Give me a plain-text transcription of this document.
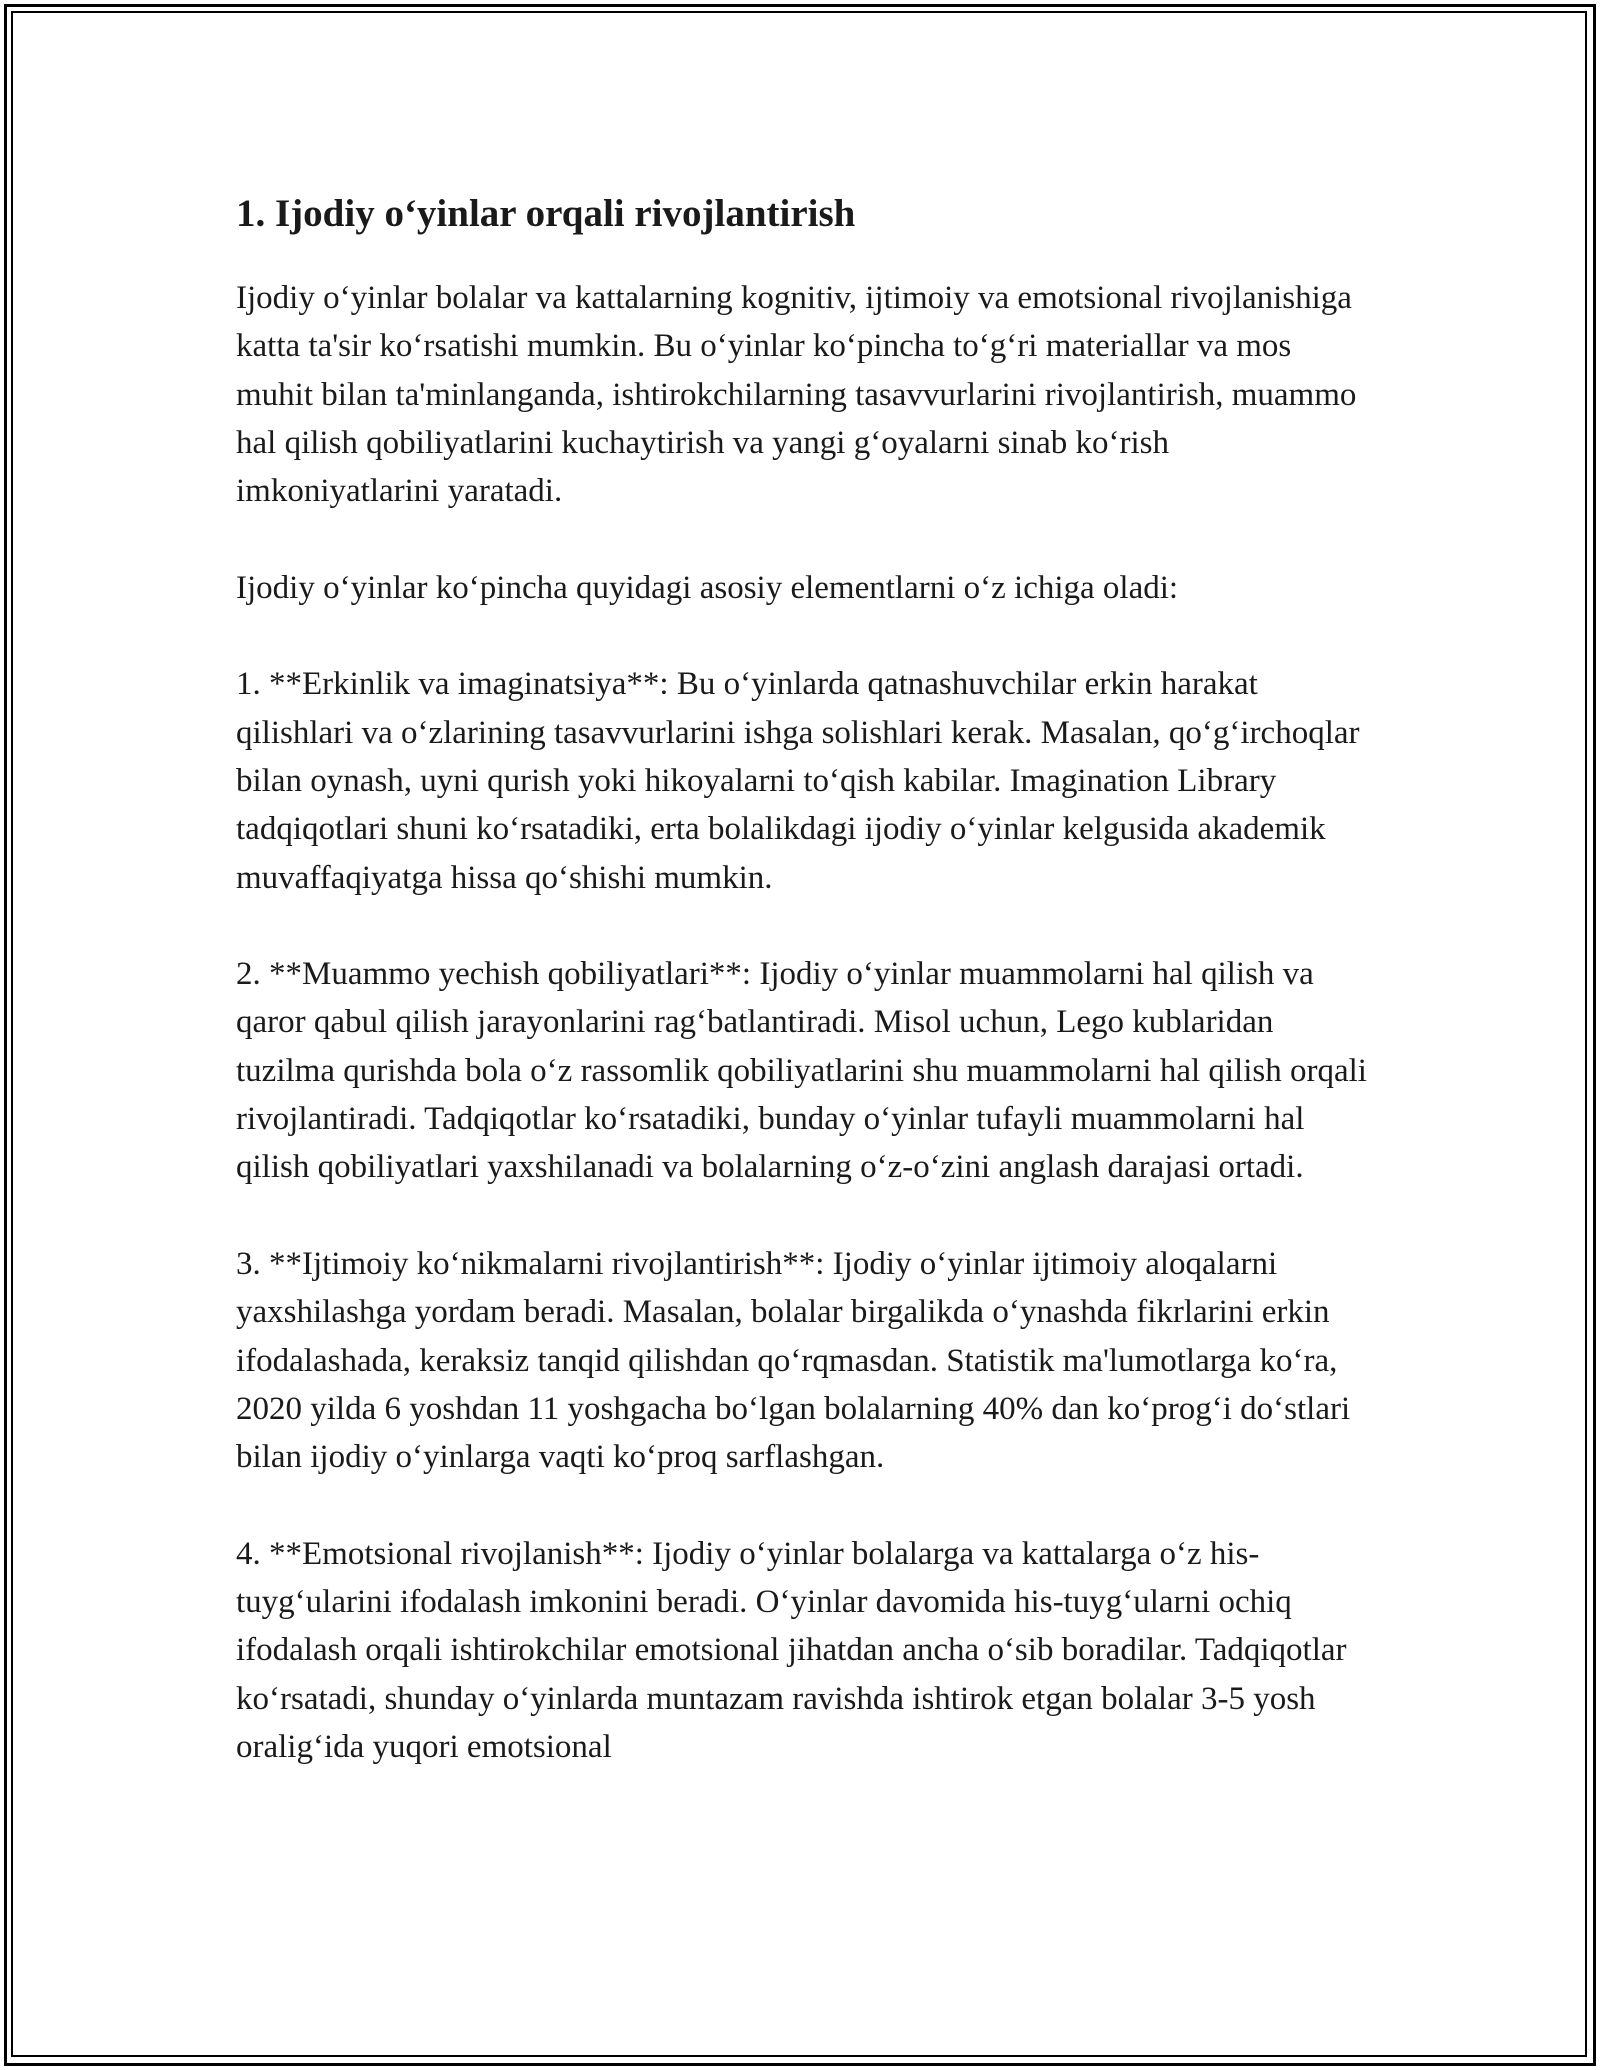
1. Ijodiy o‘yinlar orqali rivojlantirish

Ijodiy o‘yinlar bolalar va kattalarning kognitiv, ijtimoiy va emotsional rivojlanishiga katta ta'sir ko‘rsatishi mumkin. Bu o‘yinlar ko‘pincha to‘g‘ri materiallar va mos muhit bilan ta'minlanganda, ishtirokchilarning tasavvurlarini rivojlantirish, muammo hal qilish qobiliyatlarini kuchaytirish va yangi g‘oyalarni sinab ko‘rish imkoniyatlarini yaratadi.

Ijodiy o‘yinlar ko‘pincha quyidagi asosiy elementlarni o‘z ichiga oladi:

1. **Erkinlik va imaginatsiya**: Bu o‘yinlarda qatnashuvchilar erkin harakat qilishlari va o‘zlarining tasavvurlarini ishga solishlari kerak. Masalan, qo‘g‘irchoqlar bilan oynash, uyni qurish yoki hikoyalarni to‘qish kabilar. Imagination Library tadqiqotlari shuni ko‘rsatadiki, erta bolalikdagi ijodiy o‘yinlar kelgusida akademik muvaffaqiyatga hissa qo‘shishi mumkin.

2. **Muammo yechish qobiliyatlari**: Ijodiy o‘yinlar muammolarni hal qilish va qaror qabul qilish jarayonlarini rag‘batlantiradi. Misol uchun, Lego kublaridan tuzilma qurishda bola o‘z rassomlik qobiliyatlarini shu muammolarni hal qilish orqali rivojlantiradi. Tadqiqotlar ko‘rsatadiki, bunday o‘yinlar tufayli muammolarni hal qilish qobiliyatlari yaxshilanadi va bolalarning o‘z-o‘zini anglash darajasi ortadi.

3. **Ijtimoiy ko‘nikmalarni rivojlantirish**: Ijodiy o‘yinlar ijtimoiy aloqalarni yaxshilashga yordam beradi. Masalan, bolalar birgalikda o‘ynashda fikrlarini erkin ifodalashada, keraksiz tanqid qilishdan qo‘rqmasdan. Statistik ma'lumotlarga ko‘ra, 2020 yilda 6 yoshdan 11 yoshgacha bo‘lgan bolalarning 40% dan ko‘prog‘i do‘stlari bilan ijodiy o‘yinlarga vaqti ko‘proq sarflashgan.

4. **Emotsional rivojlanish**: Ijodiy o‘yinlar bolalarga va kattalarga o‘z his-tuyg‘ularini ifodalash imkonini beradi. O‘yinlar davomida his-tuyg‘ularni ochiq ifodalash orqali ishtirokchilar emotsional jihatdan ancha o‘sib boradilar. Tadqiqotlar ko‘rsatadi, shunday o‘yinlarda muntazam ravishda ishtirok etgan bolalar 3-5 yosh oralig‘ida yuqori emotsional
